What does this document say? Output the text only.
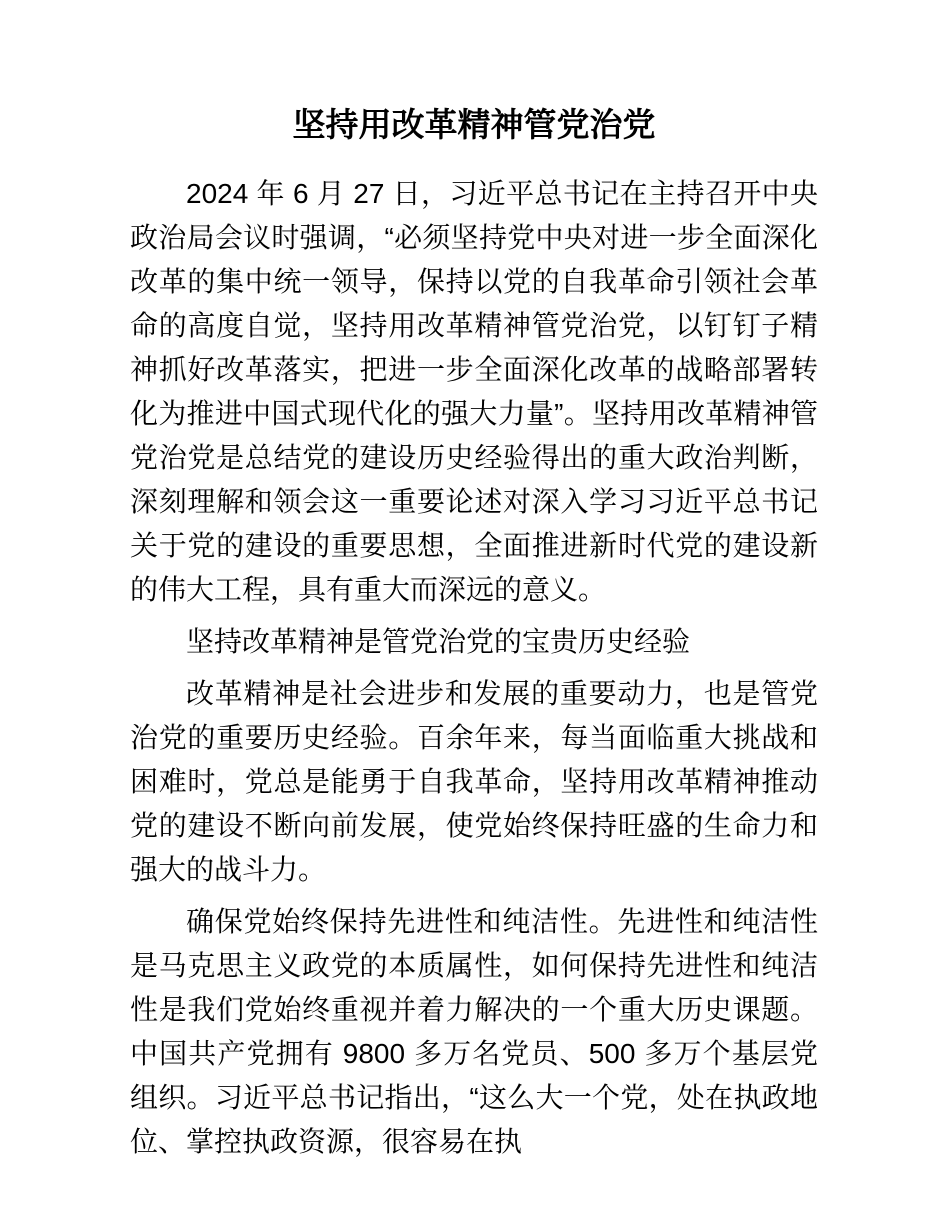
坚持用改革精神管党治党

2024 年 6 月 27 日，习近平总书记在主持召开中央政治局会议时强调，“必须坚持党中央对进一步全面深化改革的集中统一领导，保持以党的自我革命引领社会革命的高度自觉，坚持用改革精神管党治党，以钉钉子精神抓好改革落实，把进一步全面深化改革的战略部署转化为推进中国式现代化的强大力量”。坚持用改革精神管党治党是总结党的建设历史经验得出的重大政治判断，深刻理解和领会这一重要论述对深入学习习近平总书记关于党的建设的重要思想，全面推进新时代党的建设新的伟大工程，具有重大而深远的意义。

坚持改革精神是管党治党的宝贵历史经验

改革精神是社会进步和发展的重要动力，也是管党治党的重要历史经验。百余年来，每当面临重大挑战和困难时，党总是能勇于自我革命，坚持用改革精神推动党的建设不断向前发展，使党始终保持旺盛的生命力和强大的战斗力。

确保党始终保持先进性和纯洁性。先进性和纯洁性是马克思主义政党的本质属性，如何保持先进性和纯洁性是我们党始终重视并着力解决的一个重大历史课题。中国共产党拥有 9800 多万名党员、500 多万个基层党组织。习近平总书记指出，“这么大一个党，处在执政地位、掌控执政资源，很容易在执
